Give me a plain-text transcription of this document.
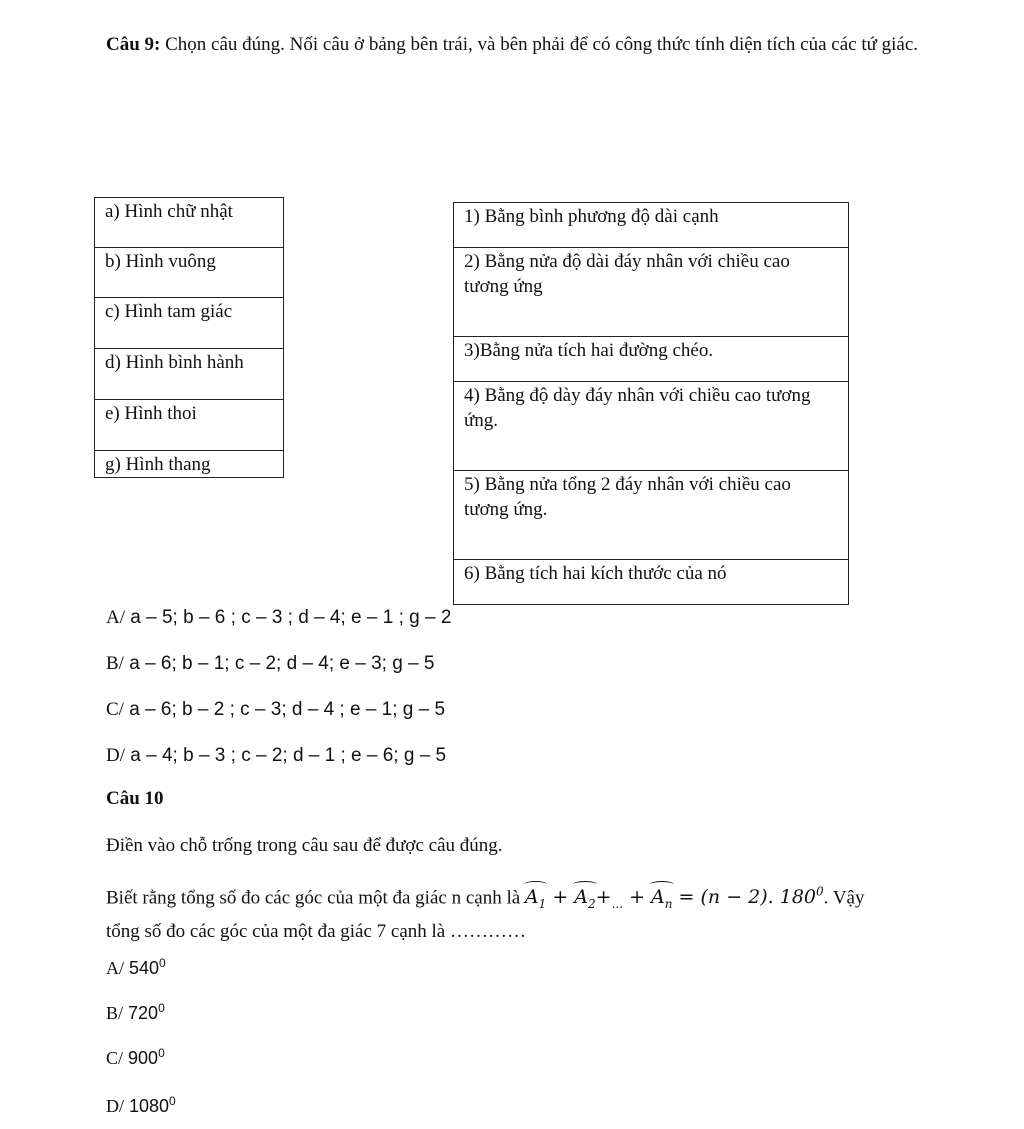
Câu 9: Chọn câu đúng. Nối câu ở bảng bên trái, và bên phải để có công thức tính diện tích của các tứ giác.
a) Hình chữ nhật
b) Hình vuông
c) Hình tam giác
d) Hình bình hành
e) Hình thoi
g) Hình thang
1) Bằng bình phương độ dài cạnh
2) Bằng nửa độ dài đáy nhân với chiều cao tương ứng
3)Bằng nửa tích hai đường chéo.
4) Bằng độ dày đáy nhân với chiều cao tương ứng.
5) Bằng nửa tổng 2 đáy nhân với chiều cao tương ứng.
6) Bằng tích hai kích thước của nó
A/ a – 5; b – 6 ; c – 3 ; d – 4; e – 1 ; g – 2
B/ a – 6; b – 1; c – 2; d – 4; e – 3; g – 5
C/ a – 6; b – 2 ; c – 3; d – 4 ; e – 1; g – 5
D/ a – 4; b – 3 ; c – 2; d – 1 ; e – 6; g – 5
Câu 10
Điền vào chỗ trống trong câu sau để được câu đúng.
Biết rằng tổng số đo các góc của một đa giác n cạnh là $A_1 + A_2+_{...} + A_n = (n - 2)$. $180^0$. Vậy
tổng số đo các góc của một đa giác 7 cạnh là …………
A/ $540^0$
B/ $720^0$
C/ $900^0$
D/ 1080$^0$
